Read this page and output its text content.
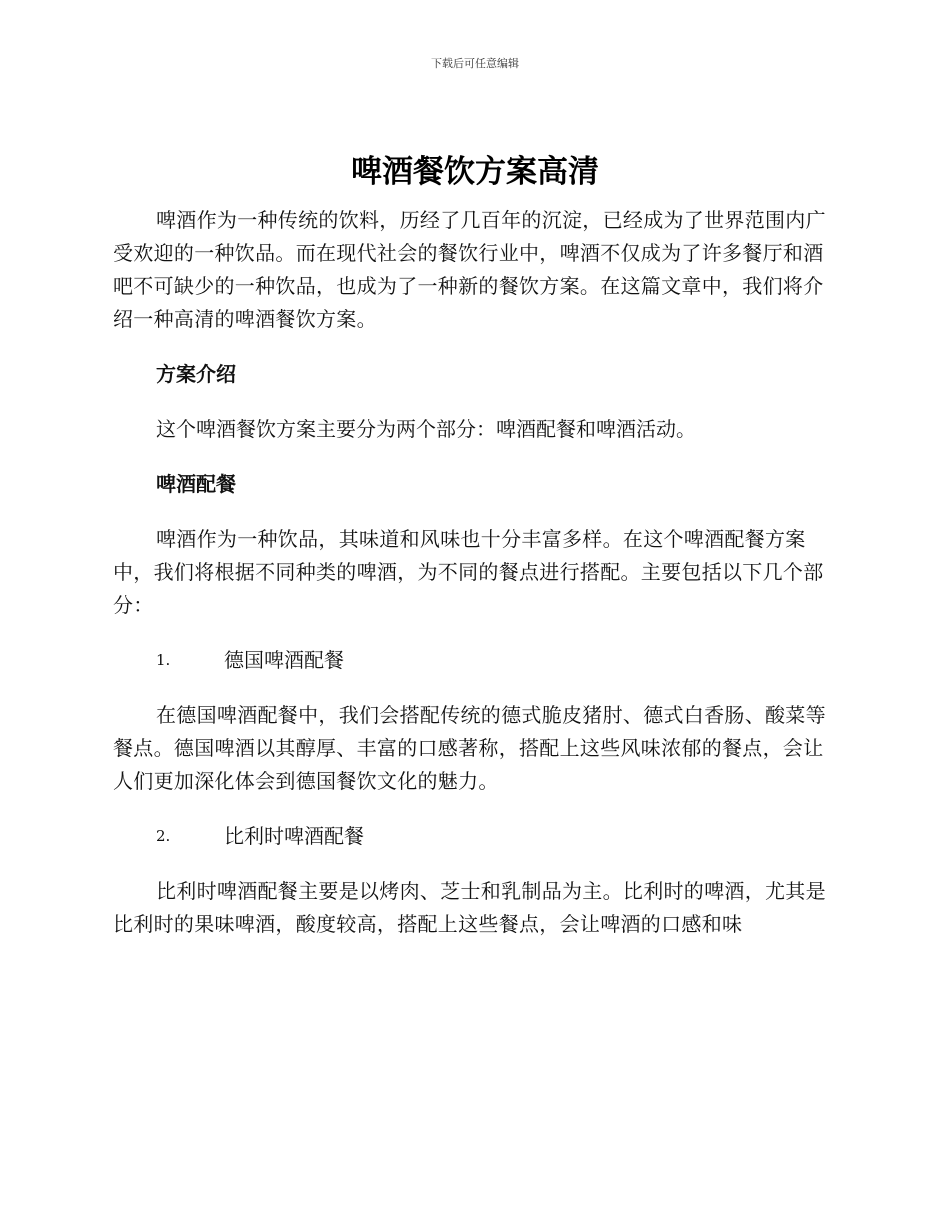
下载后可任意编辑
啤酒餐饮方案高清

啤酒作为一种传统的饮料，历经了几百年的沉淀，已经成为了世界范围内广受欢迎的一种饮品。而在现代社会的餐饮行业中，啤酒不仅成为了许多餐厅和酒吧不可缺少的一种饮品，也成为了一种新的餐饮方案。在这篇文章中，我们将介绍一种高清的啤酒餐饮方案。

方案介绍

这个啤酒餐饮方案主要分为两个部分：啤酒配餐和啤酒活动。

啤酒配餐

啤酒作为一种饮品，其味道和风味也十分丰富多样。在这个啤酒配餐方案中，我们将根据不同种类的啤酒，为不同的餐点进行搭配。主要包括以下几个部分：

1.	德国啤酒配餐

在德国啤酒配餐中，我们会搭配传统的德式脆皮猪肘、德式白香肠、酸菜等餐点。德国啤酒以其醇厚、丰富的口感著称，搭配上这些风味浓郁的餐点，会让人们更加深化体会到德国餐饮文化的魅力。

2.	比利时啤酒配餐

比利时啤酒配餐主要是以烤肉、芝士和乳制品为主。比利时的啤酒，尤其是比利时的果味啤酒，酸度较高，搭配上这些餐点，会让啤酒的口感和味
